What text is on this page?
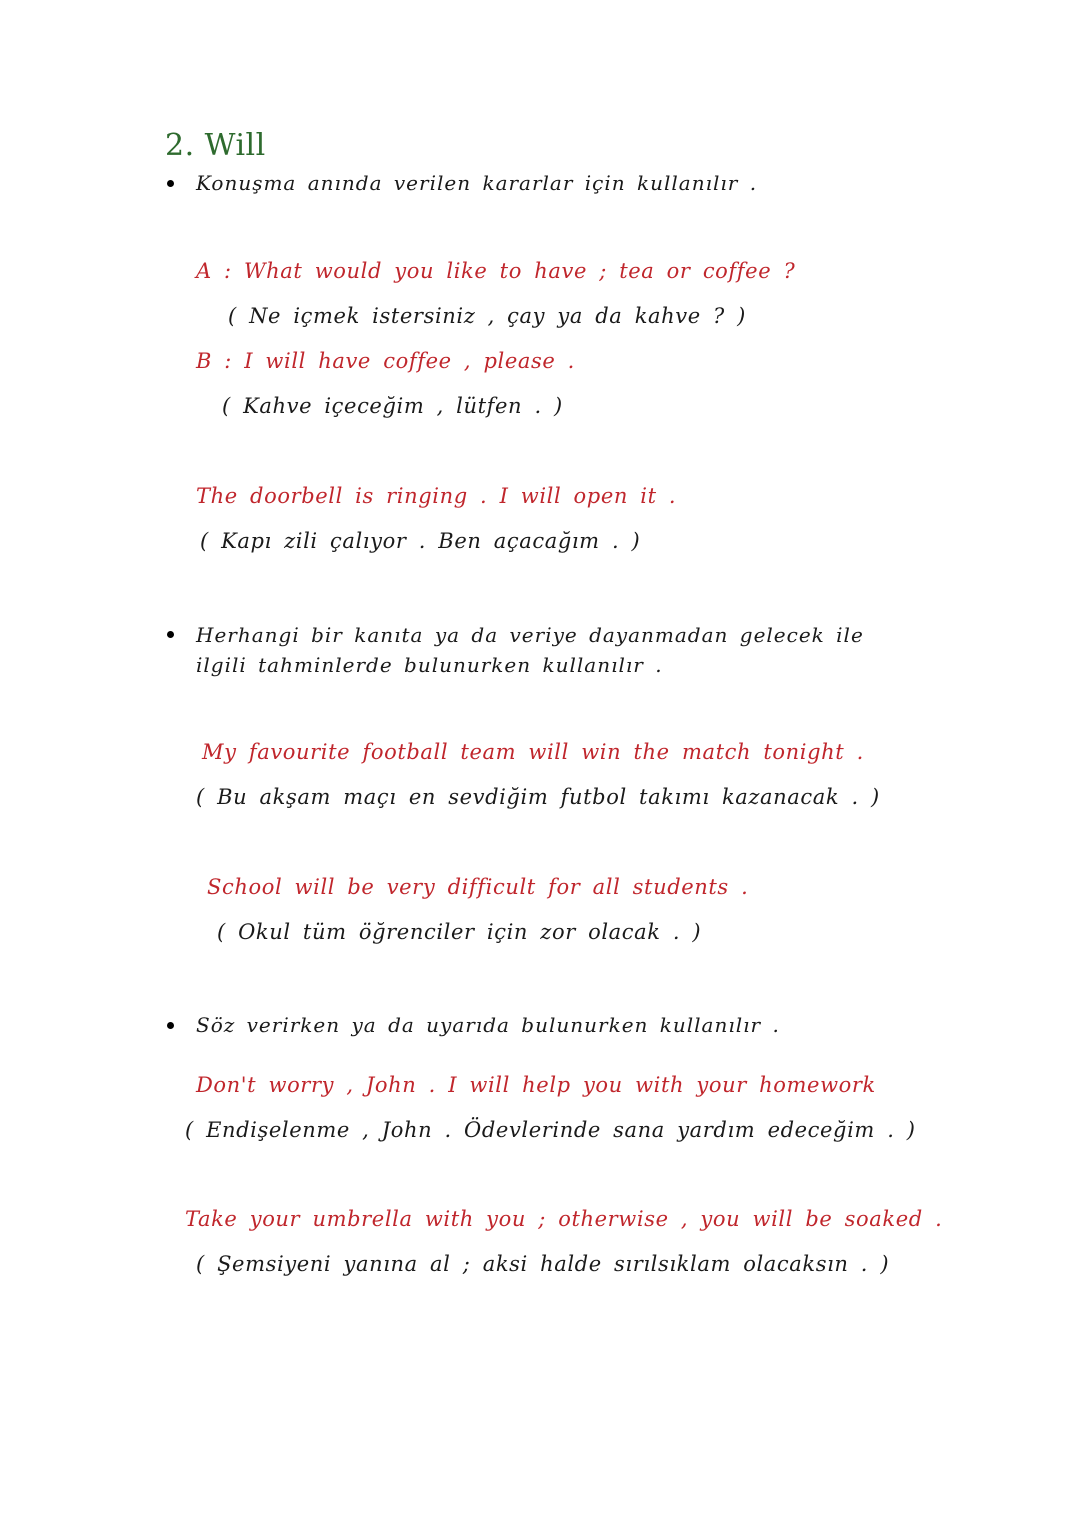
2. Will
Konuşma anında verilen kararlar için kullanılır .
A : What would you like to have ; tea or coffee ?
( Ne içmek istersiniz , çay ya da kahve ? )
B : I will have coffee , please .
( Kahve içeceğim , lütfen . )
The doorbell is ringing . I will open it .
( Kapı zili çalıyor . Ben açacağım . )
Herhangi bir kanıta ya da veriye dayanmadan gelecek ile ilgili tahminlerde bulunurken kullanılır .
My favourite football team will win the match tonight .
( Bu akşam maçı en sevdiğim futbol takımı kazanacak . )
School will be very difficult for all students .
( Okul tüm öğrenciler için zor olacak . )
Söz verirken ya da uyarıda bulunurken kullanılır .
Don't worry , John . I will help you with your homework
( Endişelenme , John . Ödevlerinde sana yardım edeceğim . )
Take your umbrella with you ; otherwise , you will be soaked .
( Şemsiyeni yanına al ; aksi halde sırılsıklam olacaksın . )
